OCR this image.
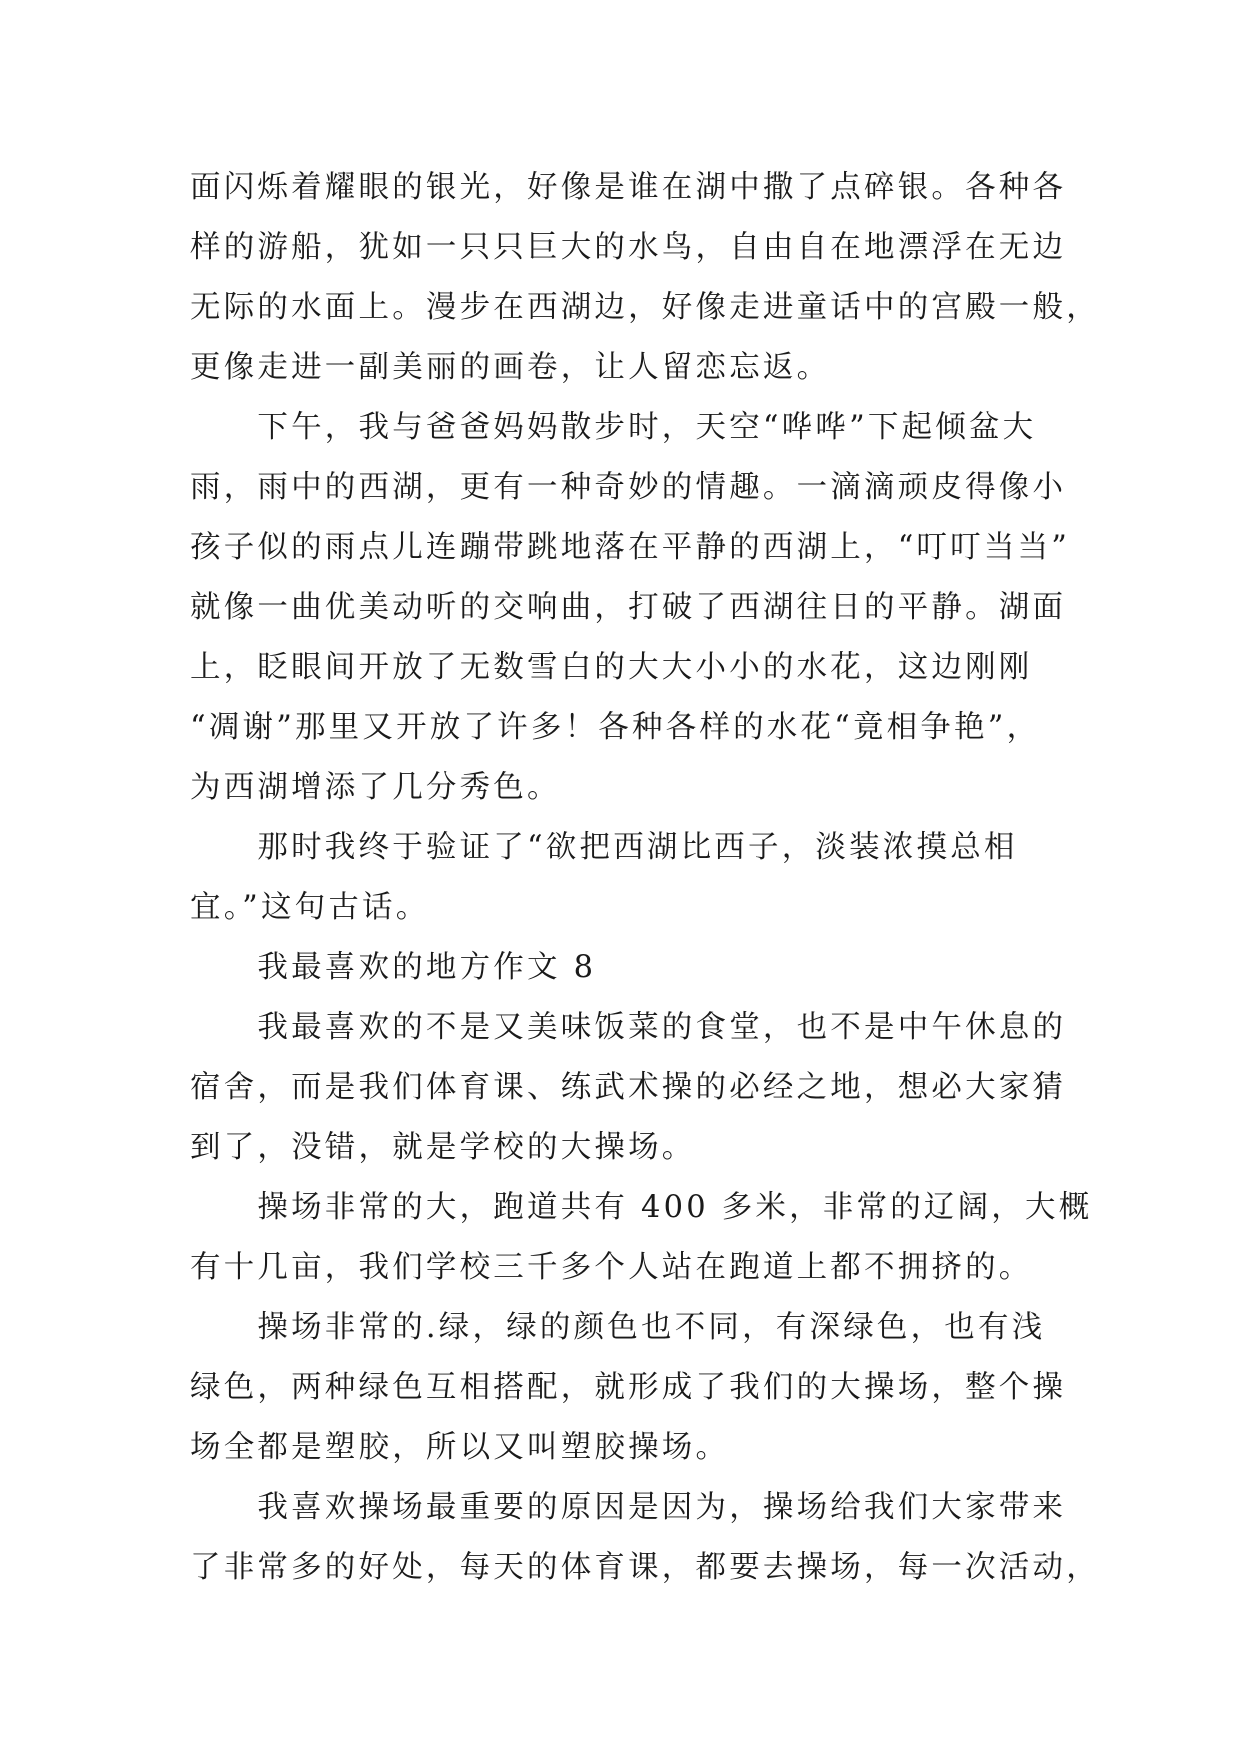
面闪烁着耀眼的银光，好像是谁在湖中撒了点碎银。各种各
样的游船，犹如一只只巨大的水鸟，自由自在地漂浮在无边
无际的水面上。漫步在西湖边，好像走进童话中的宫殿一般，
更像走进一副美丽的画卷，让人留恋忘返。
　　下午，我与爸爸妈妈散步时，天空“哗哗”下起倾盆大
雨，雨中的西湖，更有一种奇妙的情趣。一滴滴顽皮得像小
孩子似的雨点儿连蹦带跳地落在平静的西湖上，“叮叮当当”
就像一曲优美动听的交响曲，打破了西湖往日的平静。湖面
上，眨眼间开放了无数雪白的大大小小的水花，这边刚刚
“凋谢”那里又开放了许多！各种各样的水花“竟相争艳”，
为西湖增添了几分秀色。
　　那时我终于验证了“欲把西湖比西子，淡装浓摸总相
宜。”这句古话。
　　我最喜欢的地方作文 8
　　我最喜欢的不是又美味饭菜的食堂，也不是中午休息的
宿舍，而是我们体育课、练武术操的必经之地，想必大家猜
到了，没错，就是学校的大操场。
　　操场非常的大，跑道共有 400 多米，非常的辽阔，大概
有十几亩，我们学校三千多个人站在跑道上都不拥挤的。
　　操场非常的.绿，绿的颜色也不同，有深绿色，也有浅
绿色，两种绿色互相搭配，就形成了我们的大操场，整个操
场全都是塑胶，所以又叫塑胶操场。
　　我喜欢操场最重要的原因是因为，操场给我们大家带来
了非常多的好处，每天的体育课，都要去操场，每一次活动，
